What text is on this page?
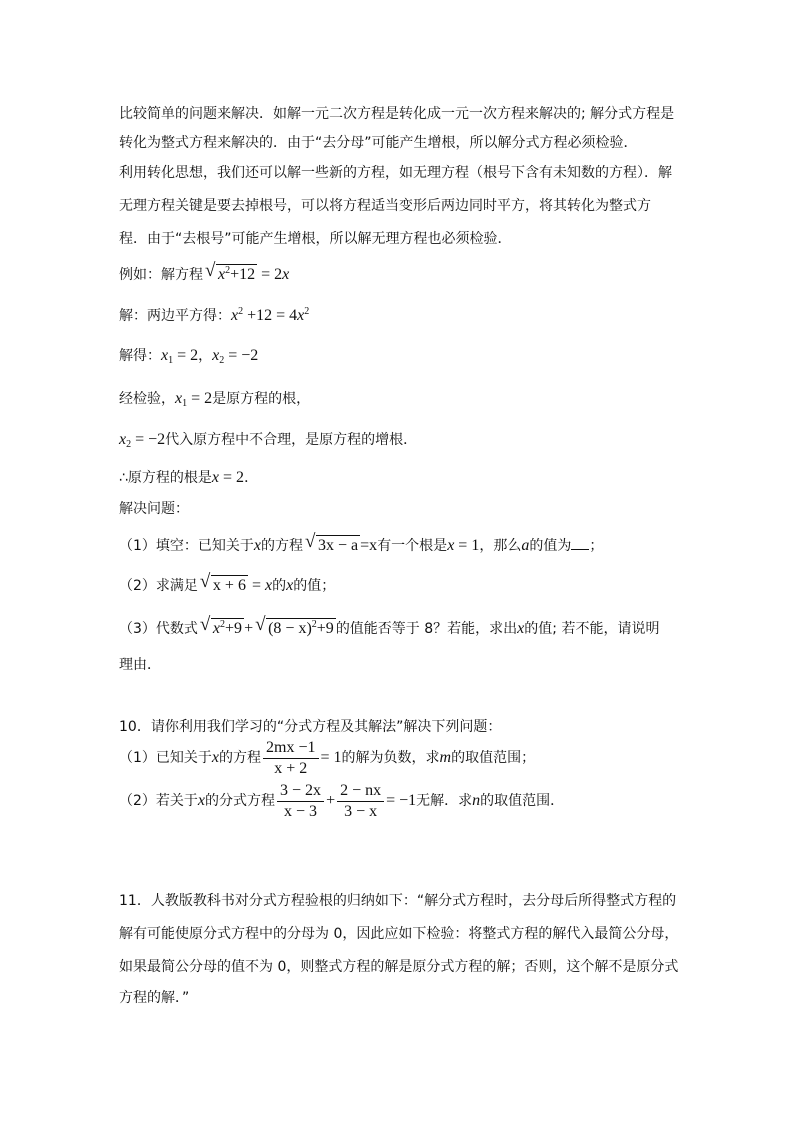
比较简单的问题来解决．如解一元二次方程是转化成一元一次方程来解决的; 解分式方程是
转化为整式方程来解决的．由于“去分母”可能产生增根，所以解分式方程必须检验．
利用转化思想，我们还可以解一些新的方程，如无理方程（根号下含有未知数的方程）．解
无理方程关键是要去掉根号，可以将方程适当变形后两边同时平方，将其转化为整式方
程．由于“去根号”可能产生增根，所以解无理方程也必须检验．
例如：解方程 √ $x^2+12 = 2x$
解：两边平方得：$x^2 +12 = 4x^2$
解得：$x_1 = 2$，$x_2 = -2$
经检验，$x_1 = 2$是原方程的根，
$x_2 = -2$代入原方程中不合理，是原方程的增根．
∴原方程的根是x = 2．
解决问题：
（1）填空：已知关于x的方程 √ 3x − a =x有一个根是x = 1，那么a的值为 ；
（2）求满足 √ x + 6 = x的x的值；
（3）代数式 √ $x^2+9$ + √ $(8 - x)^2+9$ 的值能否等于 8？若能，求出x的值; 若不能，请说明
理由．
10．请你利用我们学习的“分式方程及其解法”解决下列问题：
（1）已知关于x的方程 $\frac{2mx -1}{x + 2} = 1$的解为负数，求m的取值范围；
（2）若关于x的分式方程 $\frac{3 - 2x}{x - 3} + \frac{2 - nx}{3 - x} = -1$无解．求n的取值范围．
11．人教版教科书对分式方程验根的归纳如下：“解分式方程时，去分母后所得整式方程的
解有可能使原分式方程中的分母为 0，因此应如下检验：将整式方程的解代入最简公分母，
如果最简公分母的值不为 0，则整式方程的解是原分式方程的解；否则，这个解不是原分式
方程的解．”
